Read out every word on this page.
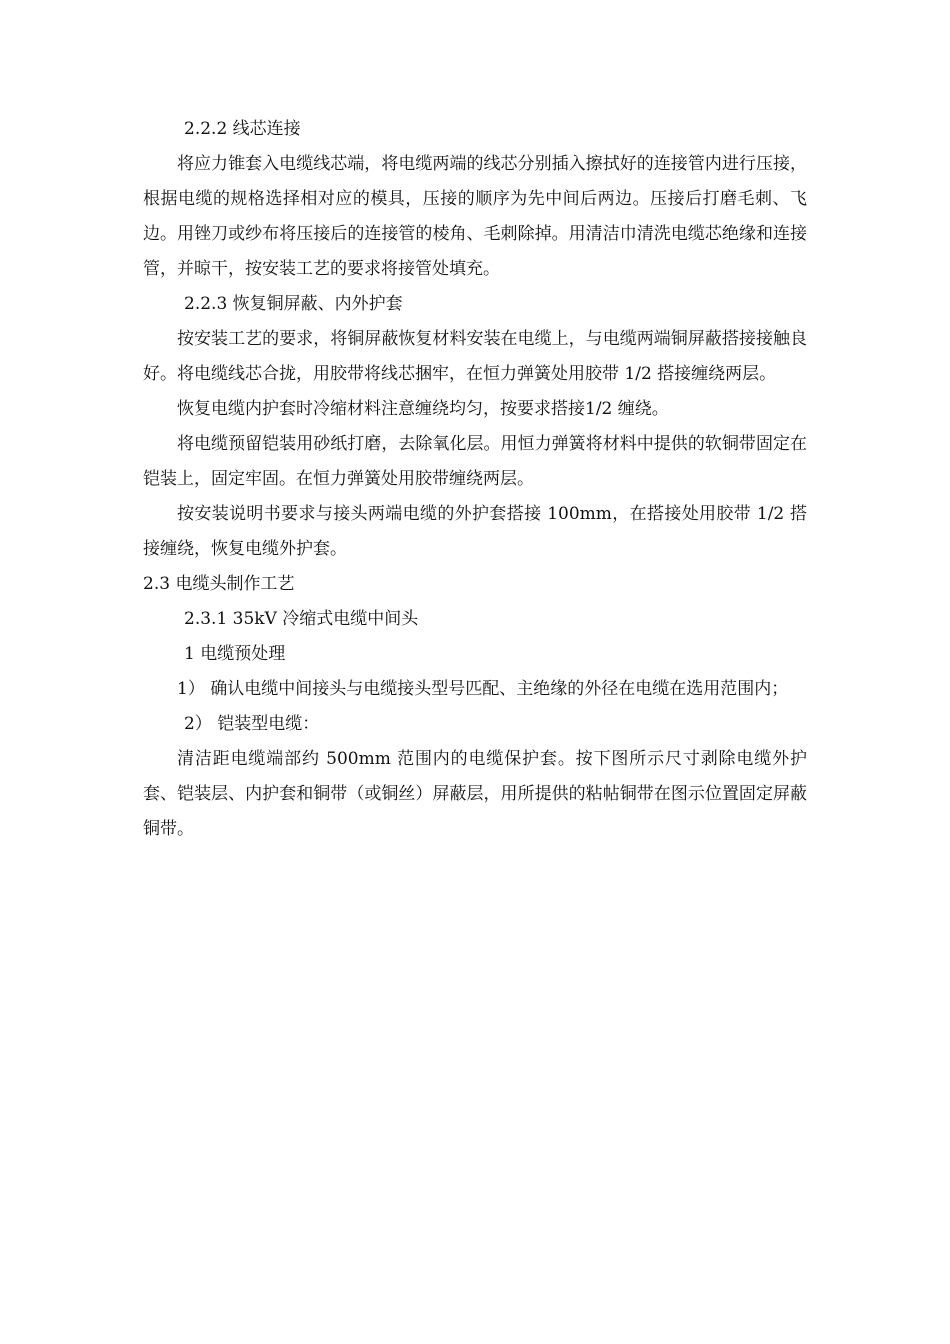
2.2.2 线芯连接

将应力锥套入电缆线芯端，将电缆两端的线芯分别插入擦拭好的连接管内进行压接，根据电缆的规格选择相对应的模具，压接的顺序为先中间后两边。压接后打磨毛刺、飞边。用锉刀或纱布将压接后的连接管的棱角、毛刺除掉。用清洁巾清洗电缆芯绝缘和连接管，并晾干，按安装工艺的要求将接管处填充。

2.2.3 恢复铜屏蔽、内外护套

按安装工艺的要求，将铜屏蔽恢复材料安装在电缆上，与电缆两端铜屏蔽搭接接触良好。将电缆线芯合拢，用胶带将线芯捆牢，在恒力弹簧处用胶带 1/2 搭接缠绕两层。

恢复电缆内护套时冷缩材料注意缠绕均匀，按要求搭接1/2 缠绕。

将电缆预留铠装用砂纸打磨，去除氧化层。用恒力弹簧将材料中提供的软铜带固定在铠装上，固定牢固。在恒力弹簧处用胶带缠绕两层。

按安装说明书要求与接头两端电缆的外护套搭接 100mm，在搭接处用胶带 1/2 搭接缠绕，恢复电缆外护套。

2.3 电缆头制作工艺

2.3.1 35kV 冷缩式电缆中间头

1 电缆预处理

1） 确认电缆中间接头与电缆接头型号匹配、主绝缘的外径在电缆在选用范围内；

2） 铠装型电缆：

清洁距电缆端部约 500mm 范围内的电缆保护套。按下图所示尺寸剥除电缆外护套、铠装层、内护套和铜带（或铜丝）屏蔽层，用所提供的粘帖铜带在图示位置固定屏蔽铜带。
